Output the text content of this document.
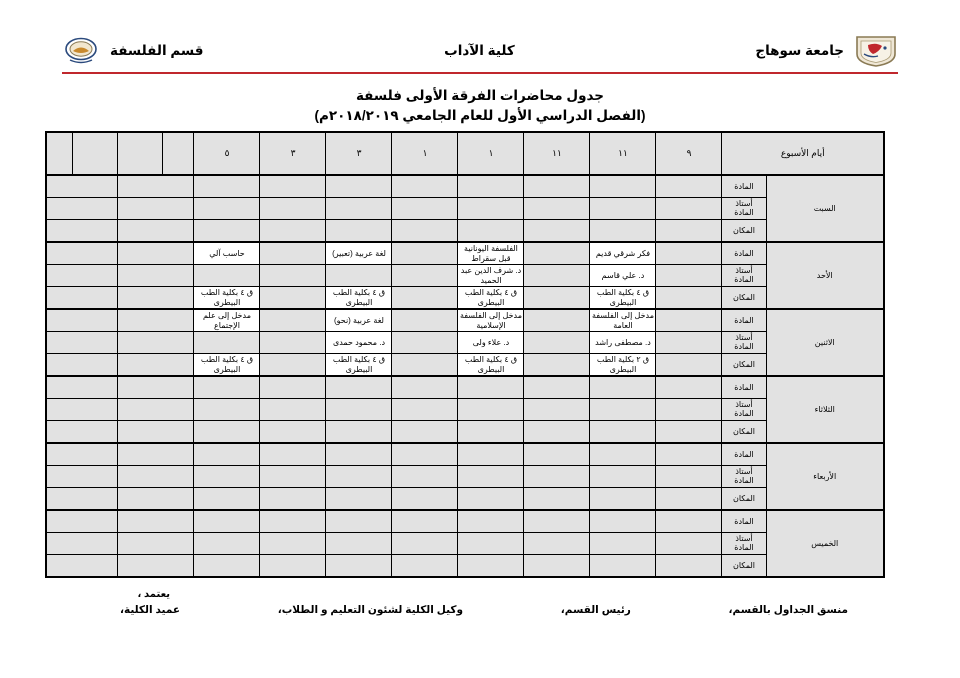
جامعة سوهاج
كلية الآداب
قسم الفلسفة
جدول محاضرات الفرقة الأولى فلسفة
(الفصل الدراسي الأول للعام الجامعي ٢٠١٨/٢٠١٩م)
أيام الأسبوع		٩	١١	١١	١	١	٣	٣	٥				
السبت	المادة												

	أستاذ
المادة												

	المكان												
الأحد	المادة		فكر شرقي قديم		الفلسفة اليونانية قبل سقراط		لغة عربية (تعبير)		حاسب آلي				

	أستاذ
المادة		د. علي قاسم		د. شرف الدين عبد الحميد								
	المكان		ق ٤ بكلية الطب البيطرى		ق ٤ بكلية الطب البيطرى		ق ٤ بكلية الطب البيطرى		ق ٤ بكلية الطب البيطرى				
الاثنين	المادة		مدخل إلى الفلسفة العامة		مدخل إلى الفلسفة الإسلامية		لغة عربية (نحو)		مدخل إلى علم الإجتماع				

	أستاذ
المادة		د. مصطفى راشد		د. علاء ولى		د. محمود حمدى						
	المكان		ق ٢ بكلية الطب البيطرى		ق ٤ بكلية الطب البيطرى		ق ٤ بكلية الطب البيطرى		ق ٤ بكلية الطب البيطرى				
الثلاثاء	المادة												

	أستاذ
المادة												

	المكان												
الأربعاء	المادة												

	أستاذ
المادة												

	المكان												
الخميس	المادة												

	أستاذ
المادة												

	المكان												
يعتمد ،
منسق الجداول بالقسم،
رئيس القسم،
وكيل الكلية لشئون التعليم و الطلاب،
عميد الكلية،
